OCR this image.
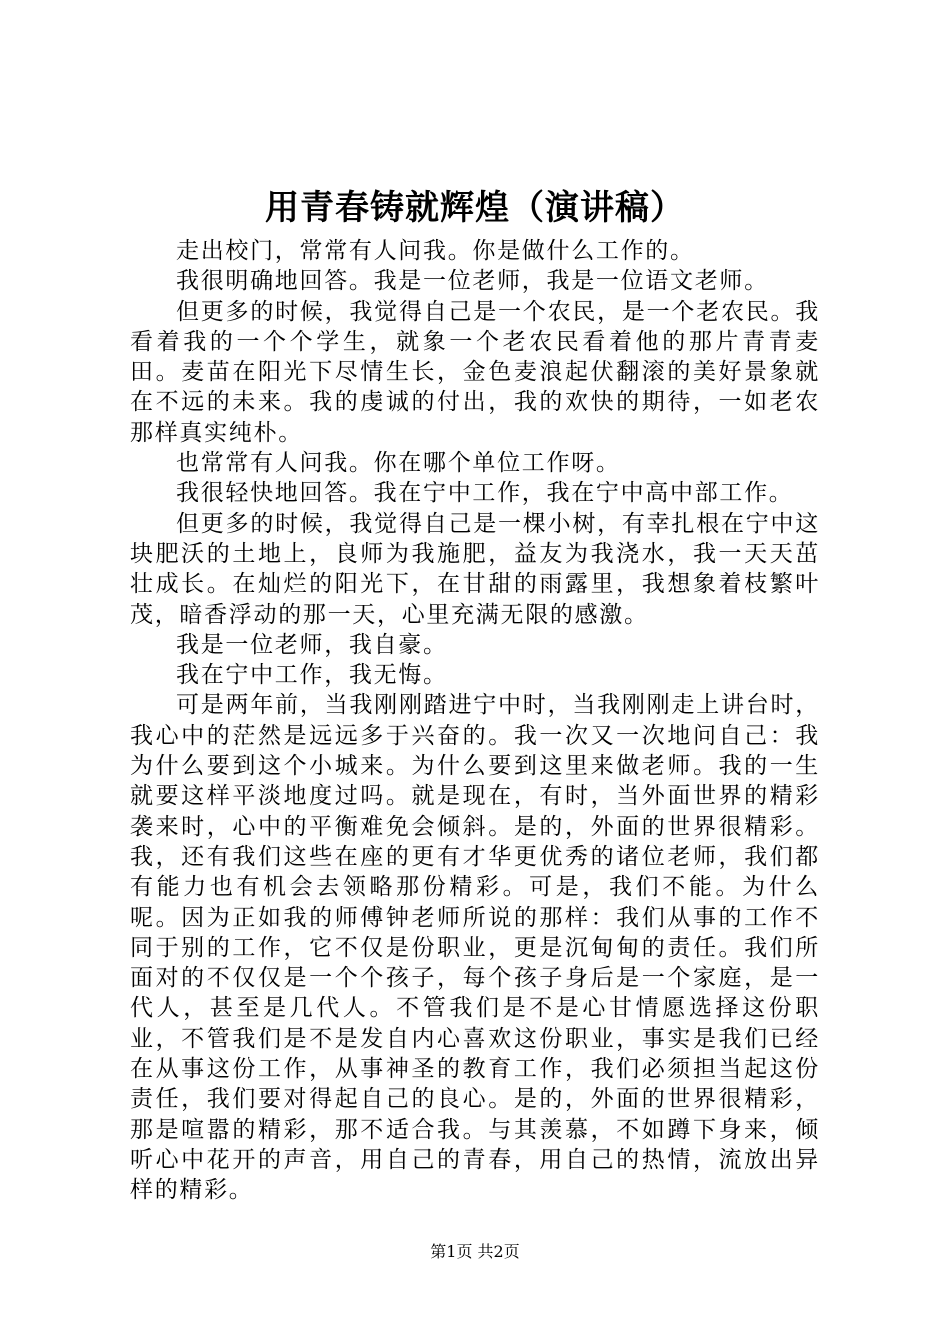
用青春铸就辉煌（演讲稿）

走出校门，常常有人问我。你是做什么工作的。

我很明确地回答。我是一位老师，我是一位语文老师。

但更多的时候，我觉得自己是一个农民，是一个老农民。我看着我的一个个学生，就象一个老农民看着他的那片青青麦田。麦苗在阳光下尽情生长，金色麦浪起伏翻滚的美好景象就在不远的未来。我的虔诚的付出，我的欢快的期待，一如老农那样真实纯朴。

也常常有人问我。你在哪个单位工作呀。

我很轻快地回答。我在宁中工作，我在宁中高中部工作。

但更多的时候，我觉得自己是一棵小树，有幸扎根在宁中这块肥沃的土地上，良师为我施肥，益友为我浇水，我一天天茁壮成长。在灿烂的阳光下，在甘甜的雨露里，我想象着枝繁叶茂，暗香浮动的那一天，心里充满无限的感激。

我是一位老师，我自豪。

我在宁中工作，我无悔。

可是两年前，当我刚刚踏进宁中时，当我刚刚走上讲台时，我心中的茫然是远远多于兴奋的。我一次又一次地问自己：我为什么要到这个小城来。为什么要到这里来做老师。我的一生就要这样平淡地度过吗。就是现在，有时，当外面世界的精彩袭来时，心中的平衡难免会倾斜。是的，外面的世界很精彩。我，还有我们这些在座的更有才华更优秀的诸位老师，我们都有能力也有机会去领略那份精彩。可是，我们不能。为什么呢。因为正如我的师傅钟老师所说的那样：我们从事的工作不同于别的工作，它不仅是份职业，更是沉甸甸的责任。我们所面对的不仅仅是一个个孩子，每个孩子身后是一个家庭，是一代人，甚至是几代人。不管我们是不是心甘情愿选择这份职业，不管我们是不是发自内心喜欢这份职业，事实是我们已经在从事这份工作，从事神圣的教育工作，我们必须担当起这份责任，我们要对得起自己的良心。是的，外面的世界很精彩，那是喧嚣的精彩，那不适合我。与其羡慕，不如蹲下身来，倾听心中花开的声音，用自己的青春，用自己的热情，流放出异样的精彩。

第1页 共2页
